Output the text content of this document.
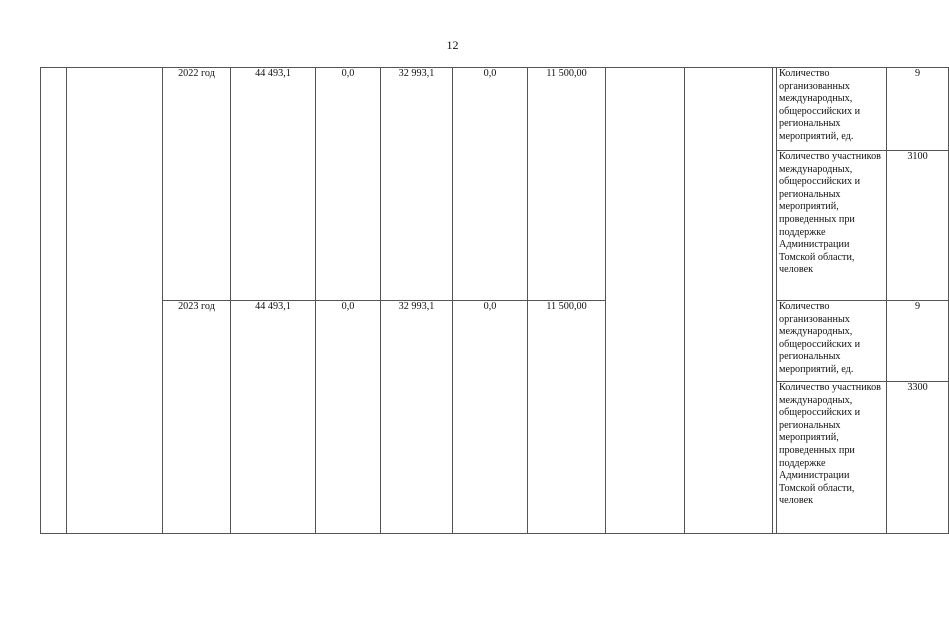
12
		2022 год	44 493,1	0,0	32 993,1	0,0	11 500,00				Количество организованных международных, общероссийских и региональных мероприятий, ед.	9
											Количество участников международных, общероссийских и региональных мероприятий, проведенных при поддержке Администрации Томской области, человек	3100
		2023 год	44 493,1	0,0	32 993,1	0,0	11 500,00				Количество организованных международных, общероссийских и региональных мероприятий, ед.	9
											Количество участников международных, общероссийских и региональных мероприятий, проведенных при поддержке Администрации Томской области, человек	3300
